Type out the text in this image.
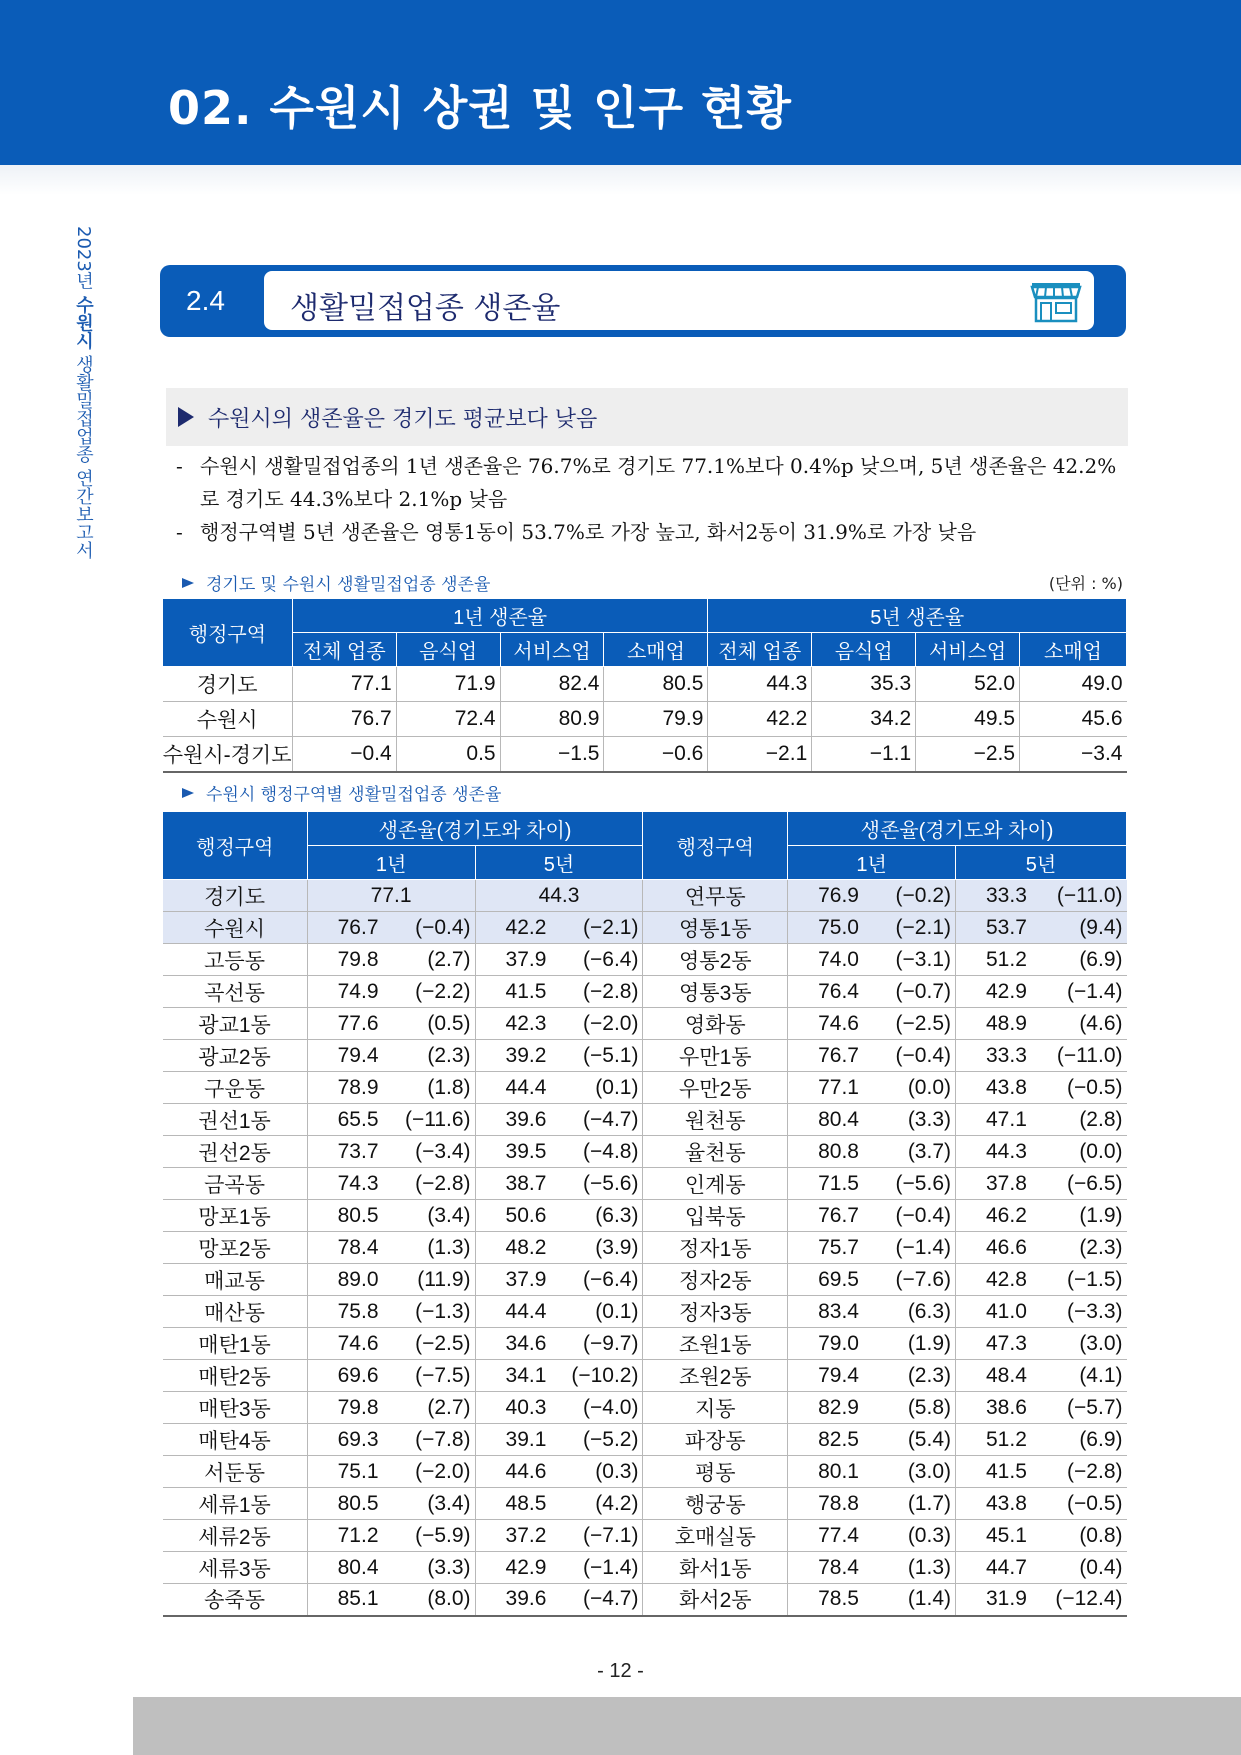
02. 수원시 상권 및 인구 현황
2023년 수원시 생활밀접업종 연간보고서
2.4 생활밀접업종 생존율
수원시의 생존율은 경기도 평균보다 낮음
- 수원시 생활밀접업종의 1년 생존율은 76.7%로 경기도 77.1%보다 0.4%p 낮으며, 5년 생존율은 42.2%로 경기도 44.3%보다 2.1%p 낮음
- 행정구역별 5년 생존율은 영통1동이 53.7%로 가장 높고, 화서2동이 31.9%로 가장 낮음
경기도 및 수원시 생활밀접업종 생존율	(단위 : %)
행정구역	1년 생존율				5년 생존율			
	전체 업종	음식업	서비스업	소매업	전체 업종	음식업	서비스업	소매업
경기도	77.1	71.9	82.4	80.5	44.3	35.3	52.0	49.0
수원시	76.7	72.4	80.9	79.9	42.2	34.2	49.5	45.6
수원시-경기도	−0.4	0.5	−1.5	−0.6	−2.1	−1.1	−2.5	−3.4
수원시 행정구역별 생활밀접업종 생존율
행정구역	생존율(경기도와 차이)				행정구역	생존율(경기도와 차이)			
	1년		5년			1년		5년	
경기도	77.1		44.3		연무동	76.9	(−0.2)	33.3	(−11.0)
수원시	76.7	(−0.4)	42.2	(−2.1)	영통1동	75.0	(−2.1)	53.7	(9.4)
고등동	79.8	(2.7)	37.9	(−6.4)	영통2동	74.0	(−3.1)	51.2	(6.9)
곡선동	74.9	(−2.2)	41.5	(−2.8)	영통3동	76.4	(−0.7)	42.9	(−1.4)
광교1동	77.6	(0.5)	42.3	(−2.0)	영화동	74.6	(−2.5)	48.9	(4.6)
광교2동	79.4	(2.3)	39.2	(−5.1)	우만1동	76.7	(−0.4)	33.3	(−11.0)
구운동	78.9	(1.8)	44.4	(0.1)	우만2동	77.1	(0.0)	43.8	(−0.5)
권선1동	65.5	(−11.6)	39.6	(−4.7)	원천동	80.4	(3.3)	47.1	(2.8)
권선2동	73.7	(−3.4)	39.5	(−4.8)	율천동	80.8	(3.7)	44.3	(0.0)
금곡동	74.3	(−2.8)	38.7	(−5.6)	인계동	71.5	(−5.6)	37.8	(−6.5)
망포1동	80.5	(3.4)	50.6	(6.3)	입북동	76.7	(−0.4)	46.2	(1.9)
망포2동	78.4	(1.3)	48.2	(3.9)	정자1동	75.7	(−1.4)	46.6	(2.3)
매교동	89.0	(11.9)	37.9	(−6.4)	정자2동	69.5	(−7.6)	42.8	(−1.5)
매산동	75.8	(−1.3)	44.4	(0.1)	정자3동	83.4	(6.3)	41.0	(−3.3)
매탄1동	74.6	(−2.5)	34.6	(−9.7)	조원1동	79.0	(1.9)	47.3	(3.0)
매탄2동	69.6	(−7.5)	34.1	(−10.2)	조원2동	79.4	(2.3)	48.4	(4.1)
매탄3동	79.8	(2.7)	40.3	(−4.0)	지동	82.9	(5.8)	38.6	(−5.7)
매탄4동	69.3	(−7.8)	39.1	(−5.2)	파장동	82.5	(5.4)	51.2	(6.9)
서둔동	75.1	(−2.0)	44.6	(0.3)	평동	80.1	(3.0)	41.5	(−2.8)
세류1동	80.5	(3.4)	48.5	(4.2)	행궁동	78.8	(1.7)	43.8	(−0.5)
세류2동	71.2	(−5.9)	37.2	(−7.1)	호매실동	77.4	(0.3)	45.1	(0.8)
세류3동	80.4	(3.3)	42.9	(−1.4)	화서1동	78.4	(1.3)	44.7	(0.4)
송죽동	85.1	(8.0)	39.6	(−4.7)	화서2동	78.5	(1.4)	31.9	(−12.4)
- 12 -
